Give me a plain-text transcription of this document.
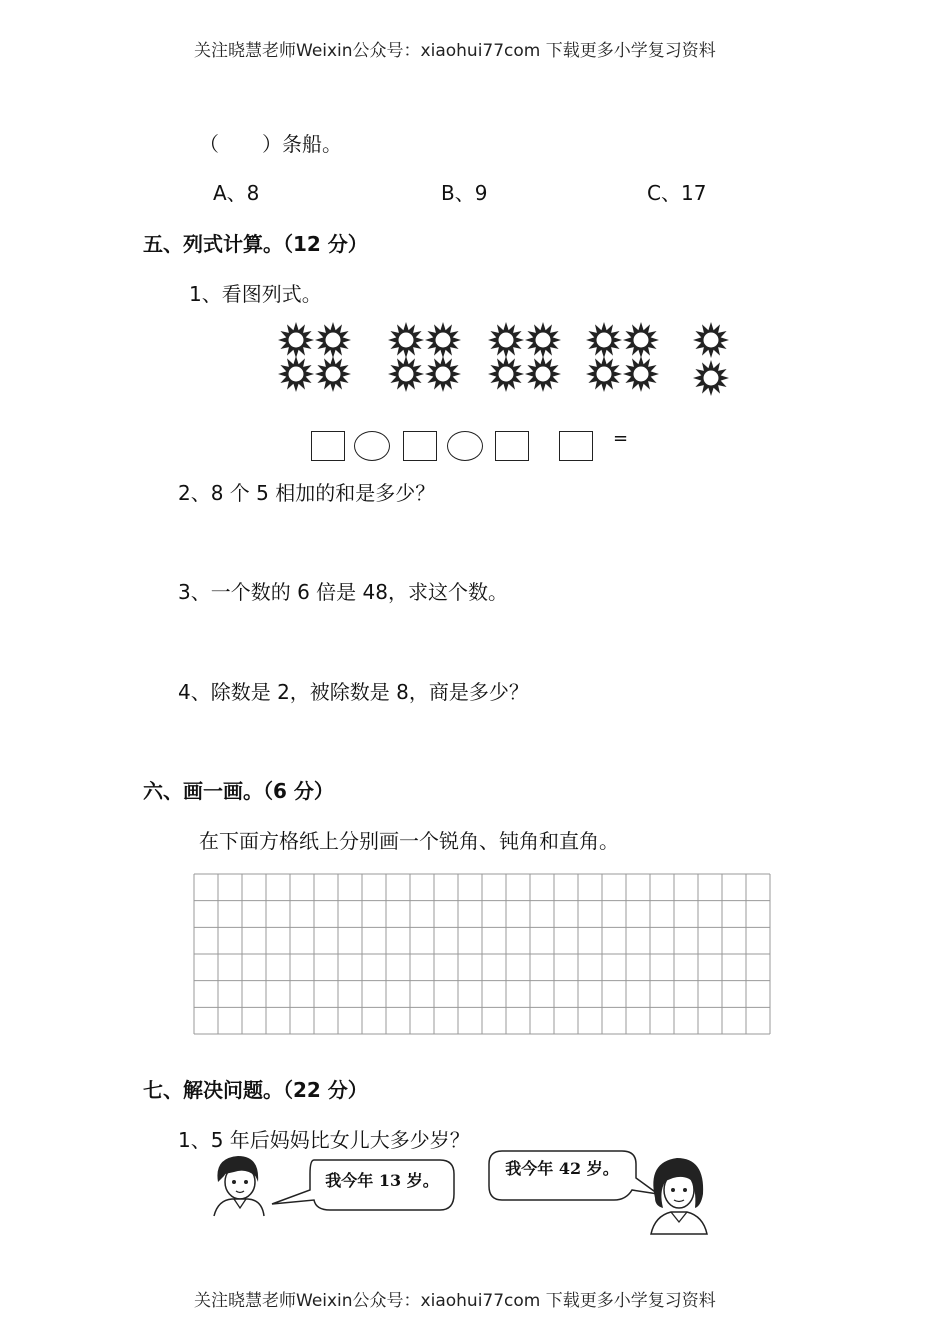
关注晓慧老师Weixin公众号：xiaohui77com 下载更多小学复习资料
（ ）条船。
A、8	B、9	C、17
五、列式计算。（12 分）
1、看图列式。
=
2、8 个 5 相加的和是多少？
3、一个数的 6 倍是 48，求这个数。
4、除数是 2，被除数是 8，商是多少？
六、画一画。（6 分）
在下面方格纸上分别画一个锐角、钝角和直角。
七、解决问题。（22 分）
1、5 年后妈妈比女儿大多少岁？
我今年 13 岁。
我今年 42 岁。
关注晓慧老师Weixin公众号：xiaohui77com 下载更多小学复习资料
